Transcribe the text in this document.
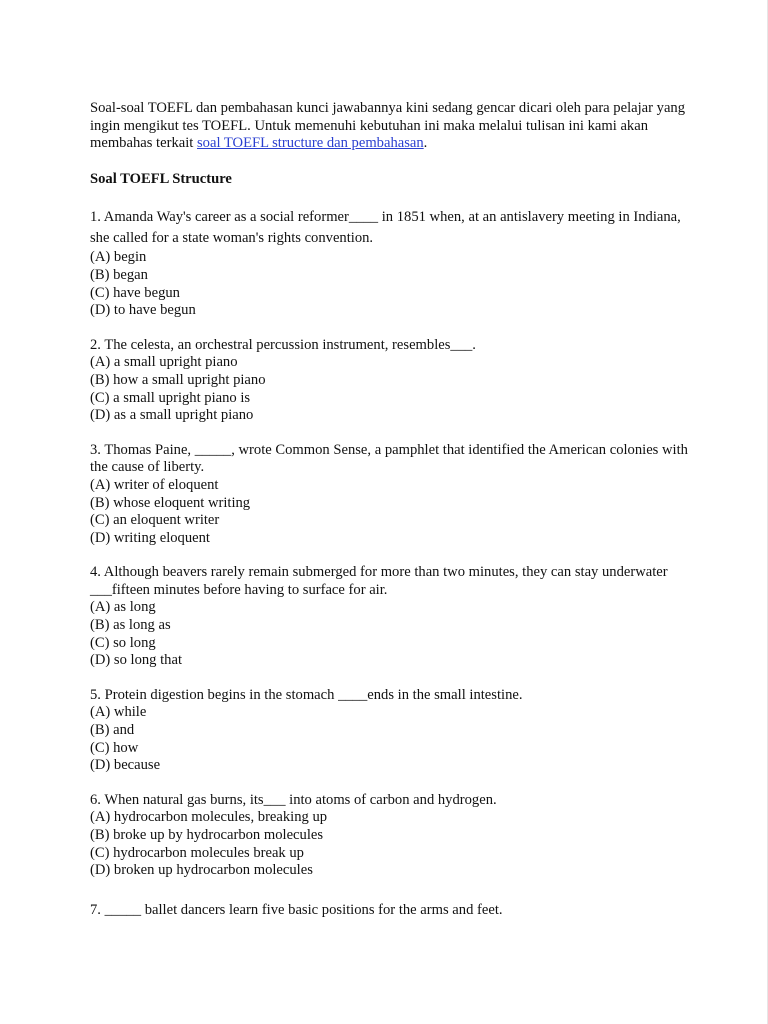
Soal-soal TOEFL dan pembahasan kunci jawabannya kini sedang gencar dicari oleh para pelajar yang ingin mengikut tes TOEFL. Untuk memenuhi kebutuhan ini maka melalui tulisan ini kami akan membahas terkait soal TOEFL structure dan pembahasan.

Soal TOEFL Structure

1. Amanda Way's career as a social reformer____ in 1851 when, at an antislavery meeting in Indiana, she called for a state woman's rights convention.

(A) begin

(B) began

(C) have begun

(D) to have begun

2. The celesta, an orchestral percussion instrument, resembles___.

(A) a small upright piano

(B) how a small upright piano

(C) a small upright piano is

(D) as a small upright piano

3. Thomas Paine, _____, wrote Common Sense, a pamphlet that identified the American colonies with the cause of liberty.

(A) writer of eloquent

(B) whose eloquent writing

(C) an eloquent writer

(D) writing eloquent

4. Although beavers rarely remain submerged for more than two minutes, they can stay underwater ___fifteen minutes before having to surface for air.

(A) as long

(B) as long as

(C) so long

(D) so long that

5. Protein digestion begins in the stomach ____ends in the small intestine.

(A) while

(B) and

(C) how

(D) because

6. When natural gas burns, its___ into atoms of carbon and hydrogen.

(A) hydrocarbon molecules, breaking up

(B) broke up by hydrocarbon molecules

(C) hydrocarbon molecules break up

(D) broken up hydrocarbon molecules

7. _____ ballet dancers learn five basic positions for the arms and feet.
